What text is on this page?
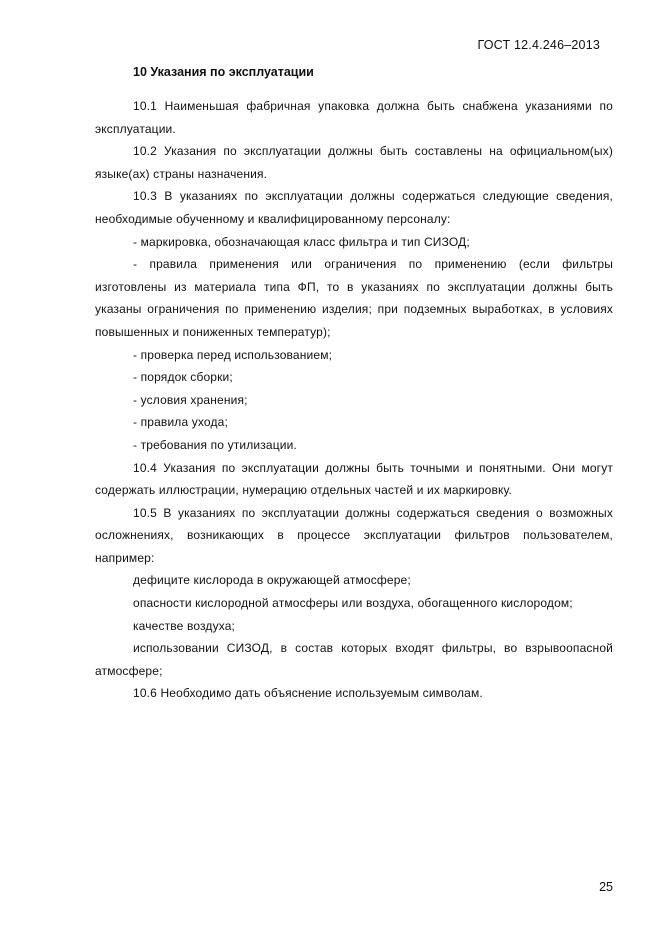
ГОСТ 12.4.246–2013
10 Указания по эксплуатации

10.1 Наименьшая фабричная упаковка должна быть снабжена указаниями по эксплуатации.

10.2 Указания по эксплуатации должны быть составлены на официальном(ых) языке(ах) страны назначения.

10.3 В указаниях по эксплуатации должны содержаться следующие сведения, необходимые обученному и квалифицированному персоналу:

- маркировка, обозначающая класс фильтра и тип СИЗОД;

- правила применения или ограничения по применению (если фильтры изготовлены из материала типа ФП, то в указаниях по эксплуатации должны быть указаны ограничения по применению изделия; при подземных выработках, в условиях повышенных и пониженных температур);

- проверка перед использованием;

- порядок сборки;

- условия хранения;

- правила ухода;

- требования по утилизации.

10.4 Указания по эксплуатации должны быть точными и понятными. Они могут содержать иллюстрации, нумерацию отдельных частей и их маркировку.

10.5 В указаниях по эксплуатации должны содержаться сведения о возможных осложнениях, возникающих в процессе эксплуатации фильтров пользователем, например:

дефиците кислорода в окружающей атмосфере;

опасности кислородной атмосферы или воздуха, обогащенного кислородом;

качестве воздуха;

использовании СИЗОД, в состав которых входят фильтры, во взрывоопасной атмосфере;

10.6 Необходимо дать объяснение используемым символам.

25
